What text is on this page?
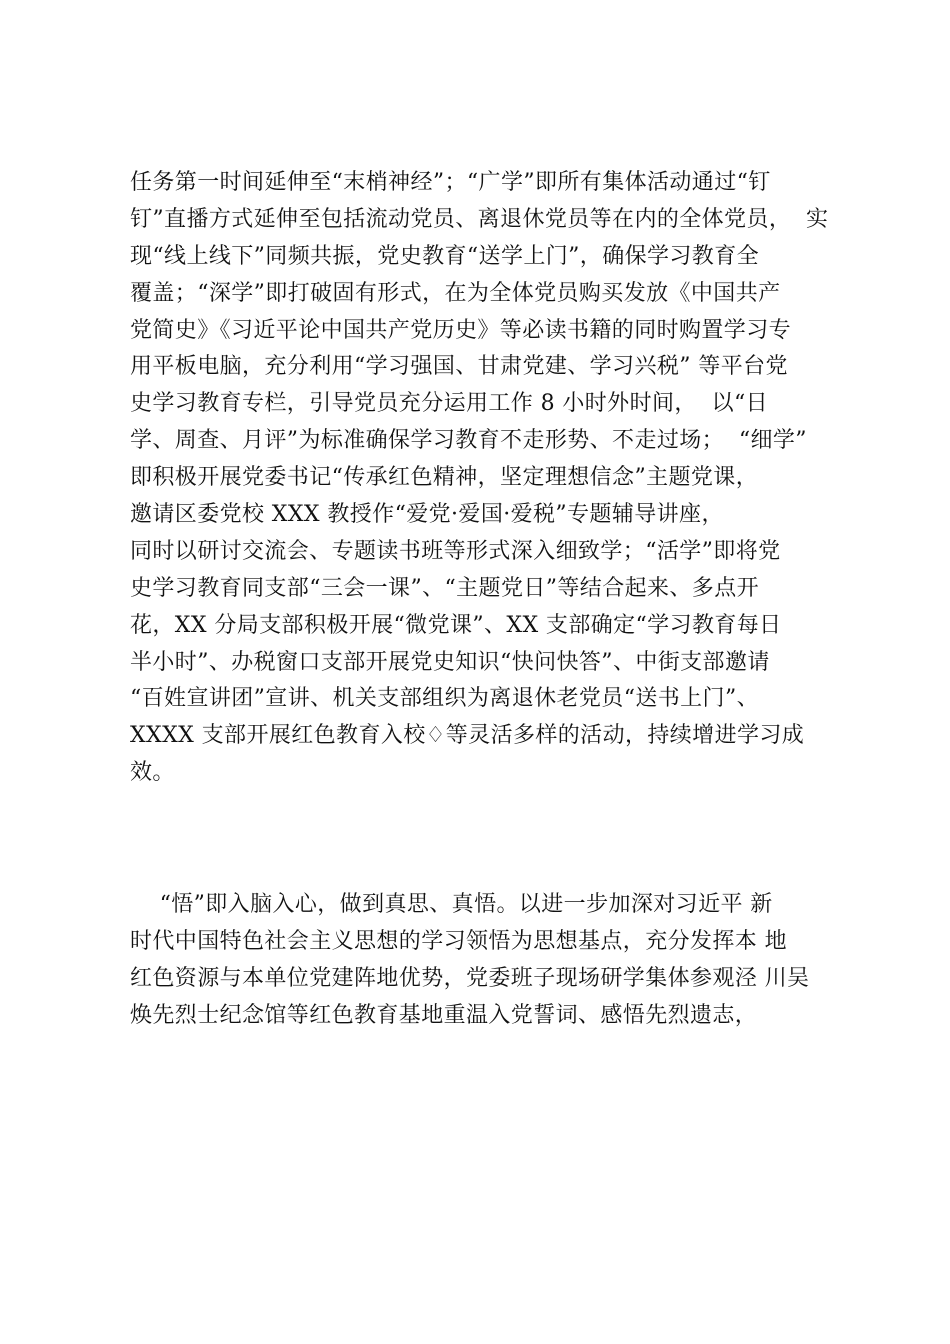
任务第一时间延伸至“末梢神经”；“广学”即所有集体活动通过“钉
钉”直播方式延伸至包括流动党员、离退休党员等在内的全体党员，  实
现“线上线下”同频共振，党史教育“送学上门”，确保学习教育全
覆盖；“深学”即打破固有形式，在为全体党员购买发放《中国共产
党简史》《习近平论中国共产党历史》等必读书籍的同时购置学习专
用平板电脑，充分利用“学习强国、甘肃党建、学习兴税” 等平台党
史学习教育专栏，引导党员充分运用工作 8 小时外时间，  以“日
学、周查、月评”为标准确保学习教育不走形势、不走过场；  “细学”
即积极开展党委书记“传承红色精神，坚定理想信念”主题党课，
邀请区委党校 XXX 教授作“爱党·爱国·爱税”专题辅导讲座，
同时以研讨交流会、专题读书班等形式深入细致学；“活学”即将党
史学习教育同支部“三会一课”、“主题党日”等结合起来、多点开
花，XX 分局支部积极开展“微党课”、XX 支部确定“学习教育每日
半小时”、办税窗口支部开展党史知识“快问快答”、中街支部邀请
“百姓宣讲团”宣讲、机关支部组织为离退休老党员“送书上门”、
XXXX 支部开展红色教育入校♢等灵活多样的活动，持续增进学习成
效。
“悟”即入脑入心，做到真思、真悟。以进一步加深对习近平 新
时代中国特色社会主义思想的学习领悟为思想基点，充分发挥本 地
红色资源与本单位党建阵地优势，党委班子现场研学集体参观泾 川吴
焕先烈士纪念馆等红色教育基地重温入党誓词、感悟先烈遗志，
